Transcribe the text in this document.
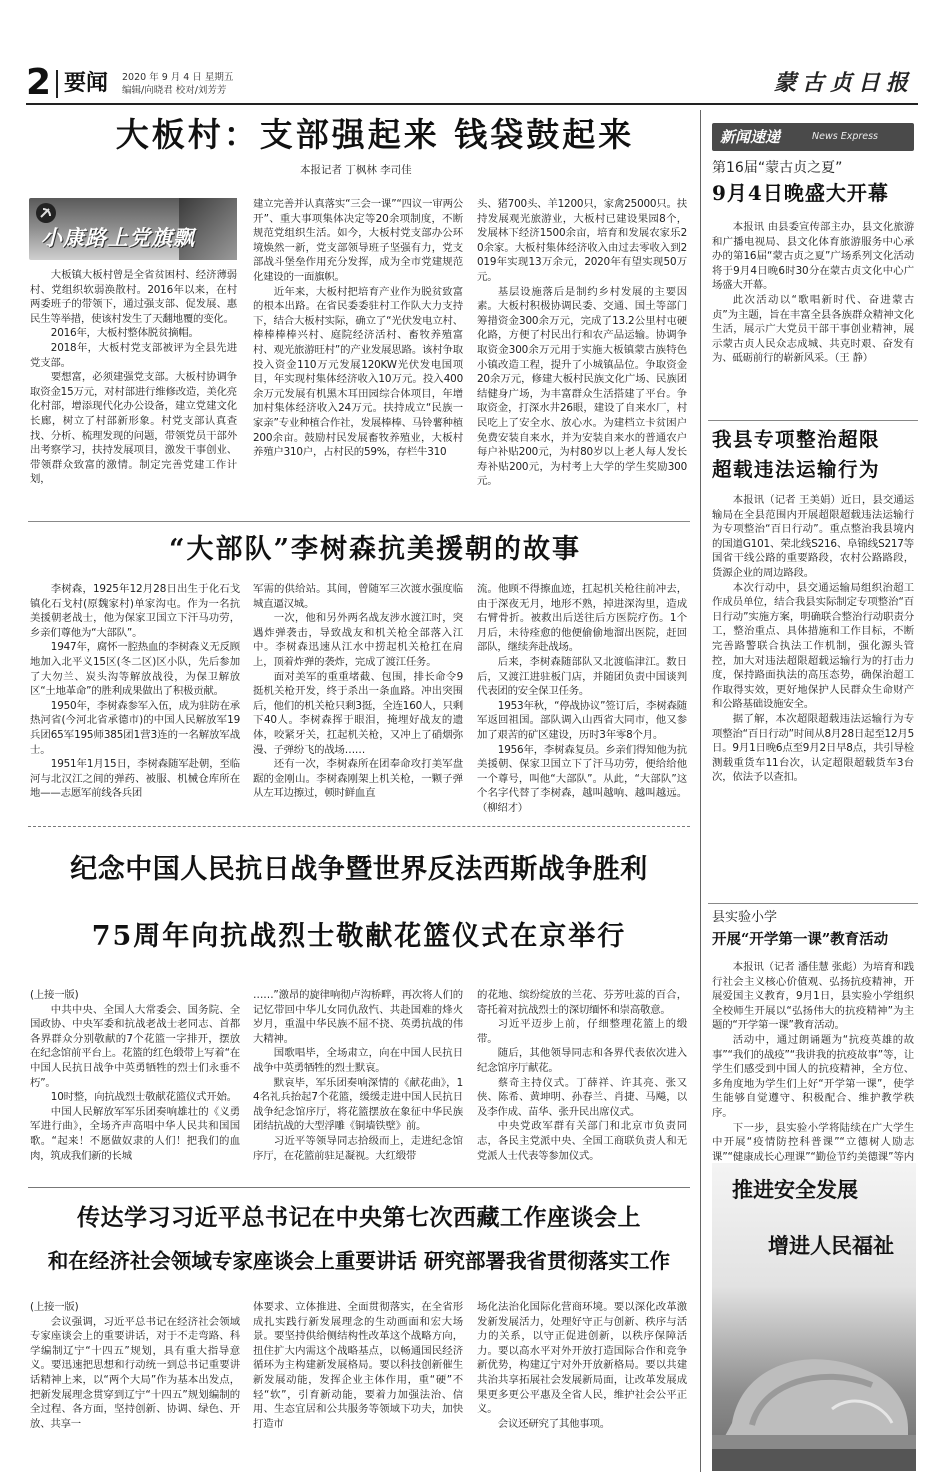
2 要闻 2020 年 9 月 4 日 星期五
编辑/向晓君 校对/刘芳芳	蒙古贞日报
大板村：支部强起来 钱袋鼓起来
本报记者 丁枫林 李司佳
小康路上党旗飘

大板镇大板村曾是全省贫困村、经济薄弱村、党组织软弱涣散村。2016年以来，在村两委班子的带领下，通过强支部、促发展、惠民生等举措，使该村发生了天翻地覆的变化。

2016年，大板村整体脱贫摘帽。

2018年，大板村党支部被评为全县先进党支部。

要想富，必须建强党支部。大板村协调争取资金15万元，对村部进行维修改造，美化亮化村部，增添现代化办公设备，建立党建文化长廊，树立了村部新形象。村党支部认真查找、分析、梳理发现的问题，带领党员干部外出考察学习，扶持发展项目，激发干事创业、带领群众致富的激情。制定完善党建工作计划，

建立完善并认真落实“三会一课”“四议一审两公开”、重大事项集体决定等20余项制度，不断规范党组织生活。如今，大板村党支部办公环境焕然一新，党支部领导班子坚强有力，党支部战斗堡垒作用充分发挥，成为全市党建规范化建设的一面旗帜。

近年来，大板村把培育产业作为脱贫致富的根本出路。在省民委委驻村工作队大力支持下，结合大板村实际，确立了“光伏发电立村、棒棒棒棒兴村、庭院经济活村、畜牧养殖富村、观光旅游旺村”的产业发展思路。该村争取投入资金110万元发展120KW光伏发电国项目，年实现村集体经济收入10万元。投入400余万元发展有机黑木耳田园综合体项目，年增加村集体经济收入24万元。扶持成立“民族一家亲”专业种植合作社，发展棒棒、马铃薯种植200余亩。鼓励村民发展畜牧养殖业，大板村养殖户310户，占村民的59%，存栏牛310

头、猪700头、羊1200只，家禽25000只。扶持发展观光旅游业，大板村已建设果园8个，发展林下经济1500余亩，培育和发展农家乐20余家。大板村集体经济收入由过去零收入到2019年实现13万余元，2020年有望实现50万元。

基层设施落后是制约乡村发展的主要因素。大板村积极协调民委、交通、国土等部门筹措资金300余万元，完成了13.2公里村屯硬化路，方便了村民出行和农产品运输。协调争取资金300余万元用于实施大板镇蒙古族特色小镇改造工程，提升了小城镇品位。争取资金20余万元，修建大板村民族文化广场、民族团结健身广场，为丰富群众生活搭建了平台。争取资金，打深水井26眼，建设了自来水厂，村民吃上了安全水、放心水。为建档立卡贫困户免费安装自来水，并为安装自来水的普通农户每户补贴200元，为村80岁以上老人每人发长寿补贴200元，为村考上大学的学生奖励300元。

“大部队”李树森抗美援朝的故事

李树森，1925年12月28日出生于化石戈镇化石戈村(原魏家村)单家沟屯。作为一名抗美援朝老战士，他为保家卫国立下汗马功劳，乡亲们尊他为“大部队”。

1947年，腐怀一腔热血的李树森义无反顾地加入北平义15区(冬二区)区小队，先后参加了大勿兰、炭头沟等解放战役，为保卫解放区“土地革命”的胜利成果做出了积极贡献。

1950年，李树森参军入伍，成为驻防在承热河省(今河北省承德市)的中国人民解放军19兵团65军195师385团1营3连的一名解放军战士。

1951年1月15日，李树森随军赴朝，至临河与北汉江之间的弹药、被服、机械仓库所在地——志愿军前线各兵团

军需的供给站。其间，曾随军三次渡水强度临城直逼汉城。

一次，他和另外两名战友涉水渡江时，突遇炸弹袭击，导致战友和机关枪全部落入江中。李树森迅速从江水中捞起机关枪扛在肩上，顶着炸弹的袭炸，完成了渡江任务。

面对美军的重重堵截、包围，排长命令9挺机关枪开发，终于杀出一条血路。冲出突围后，他们的机关枪只剩3挺，全连160人，只剩下40人。李树森挥于眼泪，掩埋好战友的遗体，咬紧牙关，扛起机关枪，又冲上了硝烟弥漫、子弹纷飞的战场……

还有一次，李树森所在团奉命攻打美军盘踞的金刚山。李树森刚架上机关枪，一颗子弹从左耳边擦过，顿时鲜血直

流。他顾不得擦血迹，扛起机关枪往前冲去，由于深夜无月，地形不熟，掉进深沟里，造成右臂骨折。被救出后送往后方医院疗伤。1个月后，未待痊愈的他便偷偷地溜出医院，赶回部队，继续奔赴战场。

后来，李树森随部队又北渡临津江。数日后，又渡江进驻板门店，并随团负责中国谈判代表团的安全保卫任务。

1953年秋，“停战协议”签订后，李树森随军返回祖国。部队调入山西省大同市，他又参加了艰苦的矿区建设，历时3年零8个月。

1956年，李树森复员。乡亲们得知他为抗美援朝、保家卫国立下了汗马功劳，便给给他一个尊号，叫他“大部队”。从此，“大部队”这个名字代替了李树森，越叫越响、越叫越远。（柳绍才）

纪念中国人民抗日战争暨世界反法西斯战争胜利
75周年向抗战烈士敬献花篮仪式在京举行

(上接一版)

中共中央、全国人大常委会、国务院、全国政协、中央军委和抗战老战士老同志、首都各界群众分别敬献的7个花篮一字排开，摆放在纪念馆前平台上。花篮的红色缎带上写着“在中国人民抗日战争中英勇牺牲的烈士们永垂不朽”。

10时整，向抗战烈士敬献花篮仪式开始。

中国人民解放军军乐团奏响雄壮的《义勇军进行曲》，全场齐声高唱中华人民共和国国歌。“起来！不愿做奴隶的人们！把我们的血肉，筑成我们新的长城

……”激昂的旋律响彻卢沟桥畔，再次将人们的记忆带回中华儿女同仇敌忾、共赴国难的烽火岁月，重温中华民族不屈不挠、英勇抗战的伟大精神。

国歌唱毕，全场肃立，向在中国人民抗日战争中英勇牺牲的烈士默哀。

默哀毕，军乐团奏响深情的《献花曲》，14名礼兵抬起7个花篮，缓缓走进中国人民抗日战争纪念馆序厅，将花篮摆放在象征中华民族团结抗战的大型浮雕《铜墙铁壁》前。

习近平等领导同志拾级而上，走进纪念馆序厅，在花篮前驻足凝视。大红缎带

的花地、缤纷绽放的兰花、芬芳吐蕊的百合，寄托着对抗战烈士的深切缅怀和崇高敬意。

习近平迈步上前，仔细整理花篮上的缎带。

随后，其他领导同志和各界代表依次进入纪念馆序厅献花。

蔡奇主持仪式。丁薛祥、许其亮、张又侠、陈希、黄坤明、孙春兰、肖捷、马飚，以及李作成、苗华、张升民出席仪式。

中央党政军群有关部门和北京市负责同志，各民主党派中央、全国工商联负责人和无党派人士代表等参加仪式。

传达学习习近平总书记在中央第七次西藏工作座谈会上
和在经济社会领域专家座谈会上重要讲话 研究部署我省贯彻落实工作

(上接一版)

会议强调，习近平总书记在经济社会领域专家座谈会上的重要讲话，对于不走弯路、科学编制辽宁“十四五”规划，具有重大指导意义。要迅速把思想和行动统一到总书记重要讲话精神上来，以“两个大局”作为基本出发点，把新发展理念贯穿到辽宁“十四五”规划编制的全过程、各方面，坚持创新、协调、绿色、开放、共享一

体要求、立体推进、全面贯彻落实，在全省形成扎实践行新发展理念的生动画面和宏大场景。要坚持供给侧结构性改革这个战略方向，扭住扩大内需这个战略基点，以畅通国民经济循环为主构建新发展格局。要以科技创新催生新发展动能，发挥企业主体作用，重“硬”不轻“软”，引育新动能，要着力加强法治、信用、生态宜居和公共服务等领域下功夫，加快打造市

场化法治化国际化营商环境。要以深化改革激发新发展活力，处理好守正与创新、秩序与活力的关系，以守正促进创新，以秩序保障活力。要以高水平对外开放打造国际合作和竞争新优势，构建辽宁对外开放新格局。要以共建共治共享拓展社会发展新局面，让改革发展成果更多更公平惠及全省人民，维护社会公平正义。

会议还研究了其他事项。

新闻速递	News Express
第16届“蒙古贞之夏”
9月4日晚盛大开幕

本报讯 由县委宣传部主办，县文化旅游和广播电视局、县文化体育旅游服务中心承办的第16届“蒙古贞之夏”广场系列文化活动将于9月4日晚6时30分在蒙古贞文化中心广场盛大开幕。

此次活动以“歌唱新时代、奋进蒙古贞”为主题，旨在丰富全县各族群众精神文化生活，展示广大党员干部干事创业精神，展示蒙古贞人民众志成城、共克时艰、奋发有为、砥砺前行的崭新风采。（王 静）

我县专项整治超限
超载违法运输行为

本报讯（记者 王美娟）近日，县交通运输局在全县范围内开展超限超载违法运输行为专项整治“百日行动”。重点整治我县境内的国道G101、荣北线S216、阜锦线S217等国省干线公路的重要路段，农村公路路段，货源企业的周边路段。

本次行动中，县交通运输局组织治超工作成员单位，结合我县实际制定专项整治“百日行动”实施方案，明确联合整治行动职责分工，整治重点、具体措施和工作目标，不断完善路警联合执法工作机制，强化源头管控，加大对违法超限超载运输行为的打击力度，保持路面执法的高压态势，确保治超工作取得实效，更好地保护人民群众生命财产和公路基础设施安全。

据了解，本次超限超载违法运输行为专项整治“百日行动”时间从8月28日起至12月5日。9月1日晚6点至9月2日早8点，共引导检测载重货车11台次，认定超限超载货车3台次，依法予以查扣。

县实验小学
开展“开学第一课”教育活动

本报讯（记者 潘佳慧 张彪）为培育和践行社会主义核心价值观、弘扬抗疫精神，开展爱国主义教育，9月1日，县实验小学组织全校师生开展以“弘扬伟大的抗疫精神”为主题的“开学第一课”教育活动。

活动中，通过朗诵题为“抗疫英雄的故事”“我们的战疫”“我讲我的抗疫故事”等，让学生们感受到中国人的抗疫精神，全方位、多角度地为学生们上好“开学第一课”，使学生能够自觉遵守、积极配合、维护教学秩序。

下一步，县实验小学将陆续在广大学生中开展“疫情防控科普课”“立德树人励志课”“健康成长心理课”“勤俭节约美德课”等内

推进安全发展
增进人民福祉
